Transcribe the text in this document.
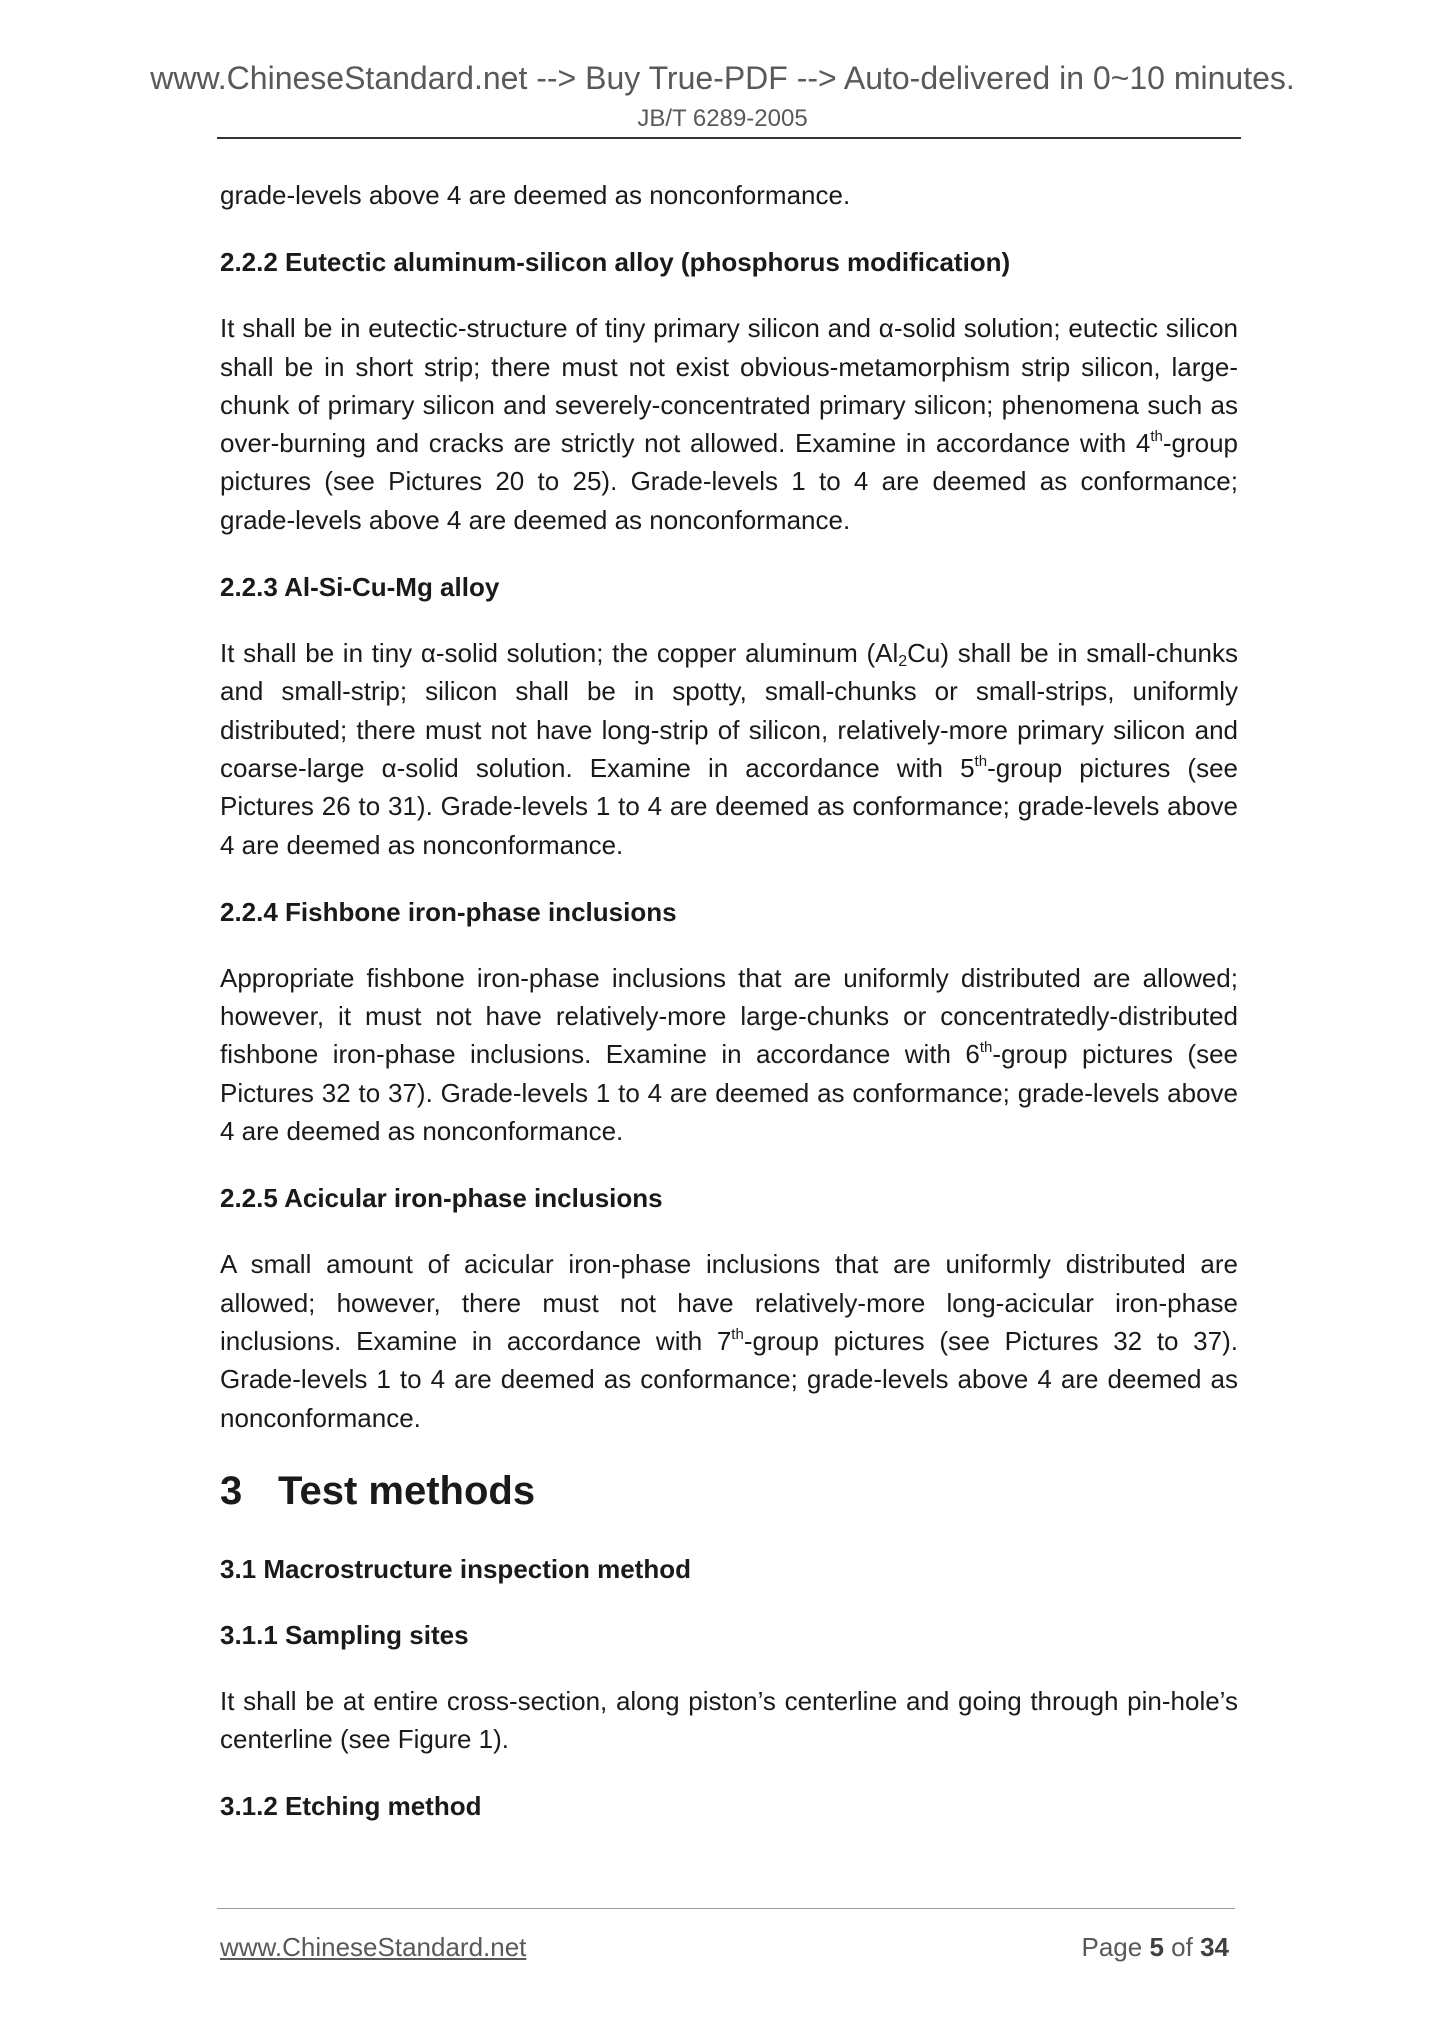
www.ChineseStandard.net --> Buy True-PDF --> Auto-delivered in 0~10 minutes.
JB/T 6289-2005

grade-levels above 4 are deemed as nonconformance.

2.2.2 Eutectic aluminum-silicon alloy (phosphorus modification)

It shall be in eutectic-structure of tiny primary silicon and α-solid solution; eutectic silicon shall be in short strip; there must not exist obvious-metamorphism strip silicon, large-chunk of primary silicon and severely-concentrated primary silicon; phenomena such as over-burning and cracks are strictly not allowed. Examine in accordance with 4th-group pictures (see Pictures 20 to 25). Grade-levels 1 to 4 are deemed as conformance; grade-levels above 4 are deemed as nonconformance.

2.2.3 Al-Si-Cu-Mg alloy

It shall be in tiny α-solid solution; the copper aluminum $(Al_2Cu)$ shall be in small-chunks and small-strip; silicon shall be in spotty, small-chunks or small-strips, uniformly distributed; there must not have long-strip of silicon, relatively-more primary silicon and coarse-large α-solid solution. Examine in accordance with 5th-group pictures (see Pictures 26 to 31). Grade-levels 1 to 4 are deemed as conformance; grade-levels above 4 are deemed as nonconformance.

2.2.4 Fishbone iron-phase inclusions

Appropriate fishbone iron-phase inclusions that are uniformly distributed are allowed; however, it must not have relatively-more large-chunks or concentratedly-distributed fishbone iron-phase inclusions. Examine in accordance with 6th-group pictures (see Pictures 32 to 37). Grade-levels 1 to 4 are deemed as conformance; grade-levels above 4 are deemed as nonconformance.

2.2.5 Acicular iron-phase inclusions

A small amount of acicular iron-phase inclusions that are uniformly distributed are allowed; however, there must not have relatively-more long-acicular iron-phase inclusions. Examine in accordance with 7th-group pictures (see Pictures 32 to 37). Grade-levels 1 to 4 are deemed as conformance; grade-levels above 4 are deemed as nonconformance.

3 Test methods
3.1 Macrostructure inspection method
3.1.1 Sampling sites

It shall be at entire cross-section, along piston’s centerline and going through pin-hole’s centerline (see Figure 1).

3.1.2 Etching method
www.ChineseStandard.net	Page 5 of 34
